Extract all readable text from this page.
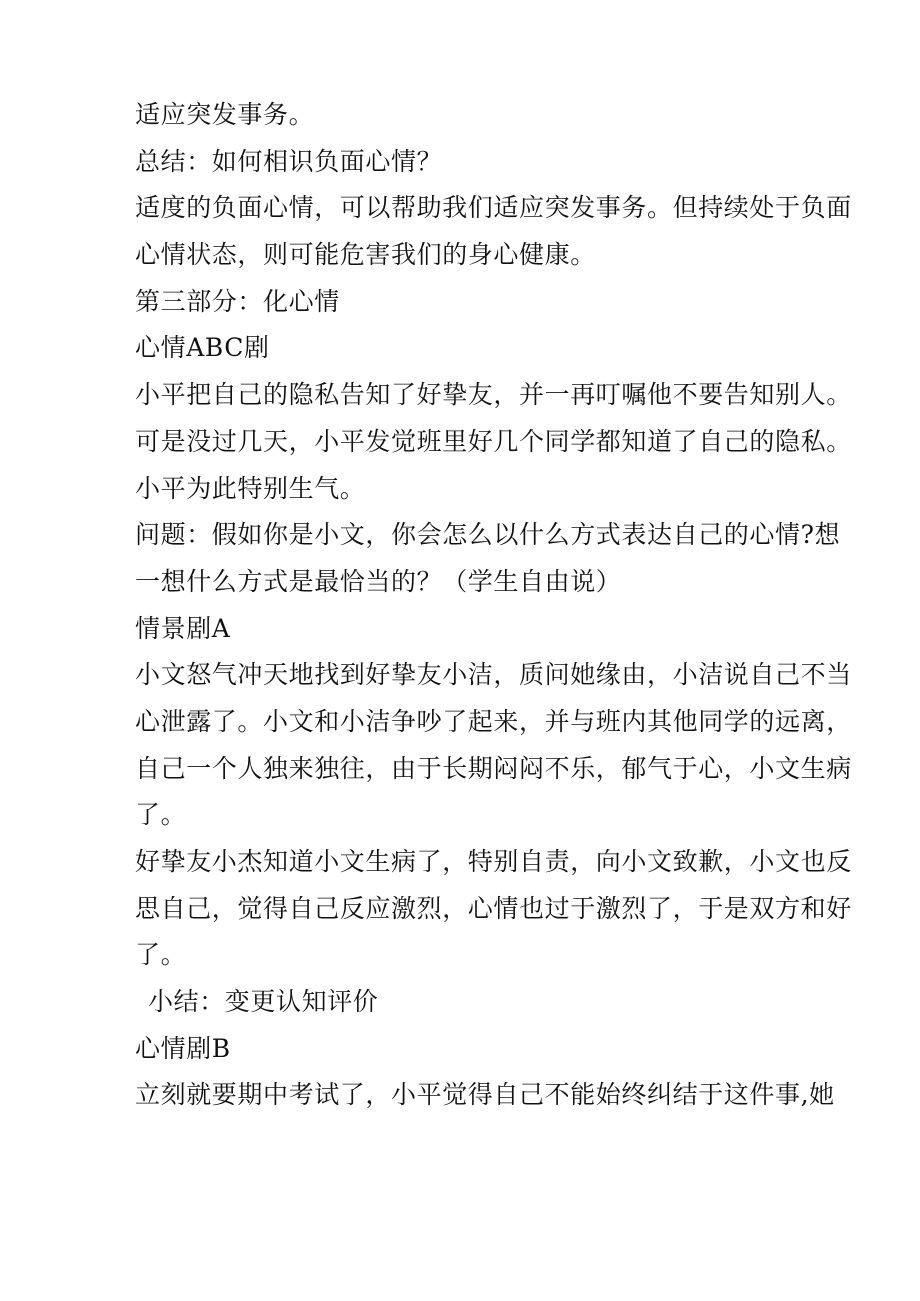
适应突发事务。
总结：如何相识负面心情？
适度的负面心情，可以帮助我们适应突发事务。但持续处于负面
心情状态，则可能危害我们的身心健康。
第三部分：化心情
心情ABC剧
小平把自己的隐私告知了好挚友，并一再叮嘱他不要告知别人。
可是没过几天，小平发觉班里好几个同学都知道了自己的隐私。
小平为此特别生气。
问题：假如你是小文，你会怎么以什么方式表达自己的心情?想
一想什么方式是最恰当的？（学生自由说）
情景剧A
小文怒气冲天地找到好挚友小洁，质问她缘由，小洁说自己不当
心泄露了。小文和小洁争吵了起来，并与班内其他同学的远离，
自己一个人独来独往，由于长期闷闷不乐，郁气于心，小文生病
了。
好挚友小杰知道小文生病了，特别自责，向小文致歉，小文也反
思自己，觉得自己反应激烈，心情也过于激烈了，于是双方和好
了。
小结：变更认知评价
心情剧B
立刻就要期中考试了，小平觉得自己不能始终纠结于这件事,她
